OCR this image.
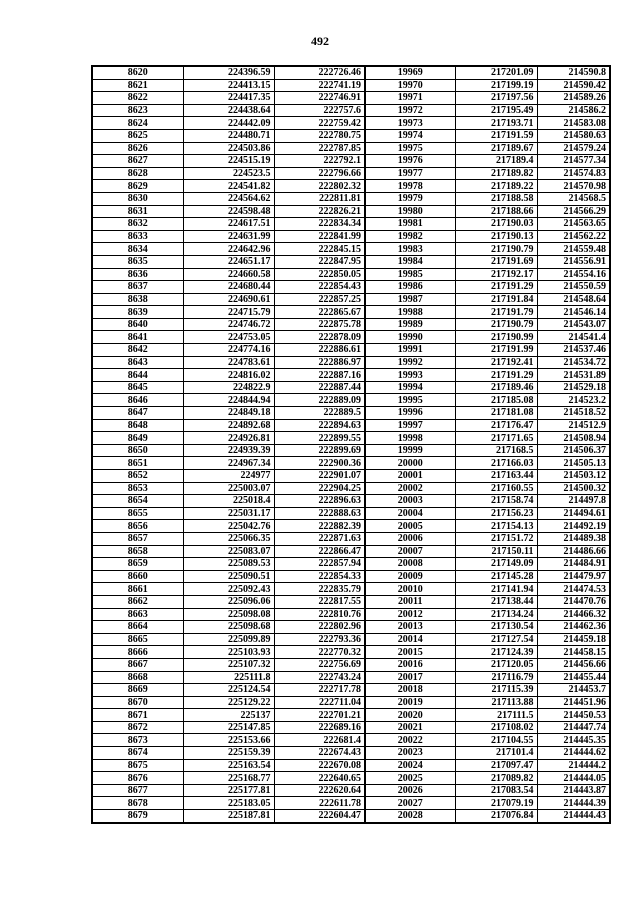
492
8620	224396.59	222726.46	19969	217201.09	214590.8
8621	224413.15	222741.19	19970	217199.19	214590.42
8622	224417.35	222746.91	19971	217197.56	214589.26
8623	224438.64	222757.6	19972	217195.49	214586.2
8624	224442.09	222759.42	19973	217193.71	214583.08
8625	224480.71	222780.75	19974	217191.59	214580.63
8626	224503.86	222787.85	19975	217189.67	214579.24
8627	224515.19	222792.1	19976	217189.4	214577.34
8628	224523.5	222796.66	19977	217189.82	214574.83
8629	224541.82	222802.32	19978	217189.22	214570.98
8630	224564.62	222811.81	19979	217188.58	214568.5
8631	224598.48	222826.21	19980	217188.66	214566.29
8632	224617.51	222834.34	19981	217190.03	214563.65
8633	224631.99	222841.99	19982	217190.13	214562.22
8634	224642.96	222845.15	19983	217190.79	214559.48
8635	224651.17	222847.95	19984	217191.69	214556.91
8636	224660.58	222850.05	19985	217192.17	214554.16
8637	224680.44	222854.43	19986	217191.29	214550.59
8638	224690.61	222857.25	19987	217191.84	214548.64
8639	224715.79	222865.67	19988	217191.79	214546.14
8640	224746.72	222875.78	19989	217190.79	214543.07
8641	224753.05	222878.09	19990	217190.99	214541.4
8642	224774.16	222886.61	19991	217191.99	214537.46
8643	224783.61	222886.97	19992	217192.41	214534.72
8644	224816.02	222887.16	19993	217191.29	214531.89
8645	224822.9	222887.44	19994	217189.46	214529.18
8646	224844.94	222889.09	19995	217185.08	214523.2
8647	224849.18	222889.5	19996	217181.08	214518.52
8648	224892.68	222894.63	19997	217176.47	214512.9
8649	224926.81	222899.55	19998	217171.65	214508.94
8650	224939.39	222899.69	19999	217168.5	214506.37
8651	224967.34	222900.36	20000	217166.03	214505.13
8652	224977	222901.07	20001	217163.44	214503.12
8653	225003.07	222904.25	20002	217160.55	214500.32
8654	225018.4	222896.63	20003	217158.74	214497.8
8655	225031.17	222888.63	20004	217156.23	214494.61
8656	225042.76	222882.39	20005	217154.13	214492.19
8657	225066.35	222871.63	20006	217151.72	214489.38
8658	225083.07	222866.47	20007	217150.11	214486.66
8659	225089.53	222857.94	20008	217149.09	214484.91
8660	225090.51	222854.33	20009	217145.28	214479.97
8661	225092.43	222835.79	20010	217141.94	214474.53
8662	225096.06	222817.55	20011	217138.44	214470.76
8663	225098.08	222810.76	20012	217134.24	214466.32
8664	225098.68	222802.96	20013	217130.54	214462.36
8665	225099.89	222793.36	20014	217127.54	214459.18
8666	225103.93	222770.32	20015	217124.39	214458.15
8667	225107.32	222756.69	20016	217120.05	214456.66
8668	225111.8	222743.24	20017	217116.79	214455.44
8669	225124.54	222717.78	20018	217115.39	214453.7
8670	225129.22	222711.04	20019	217113.88	214451.96
8671	225137	222701.21	20020	217111.5	214450.53
8672	225147.85	222689.16	20021	217108.02	214447.74
8673	225153.66	222681.4	20022	217104.55	214445.35
8674	225159.39	222674.43	20023	217101.4	214444.62
8675	225163.54	222670.08	20024	217097.47	214444.2
8676	225168.77	222640.65	20025	217089.82	214444.05
8677	225177.81	222620.64	20026	217083.54	214443.87
8678	225183.05	222611.78	20027	217079.19	214444.39
8679	225187.81	222604.47	20028	217076.84	214444.43
